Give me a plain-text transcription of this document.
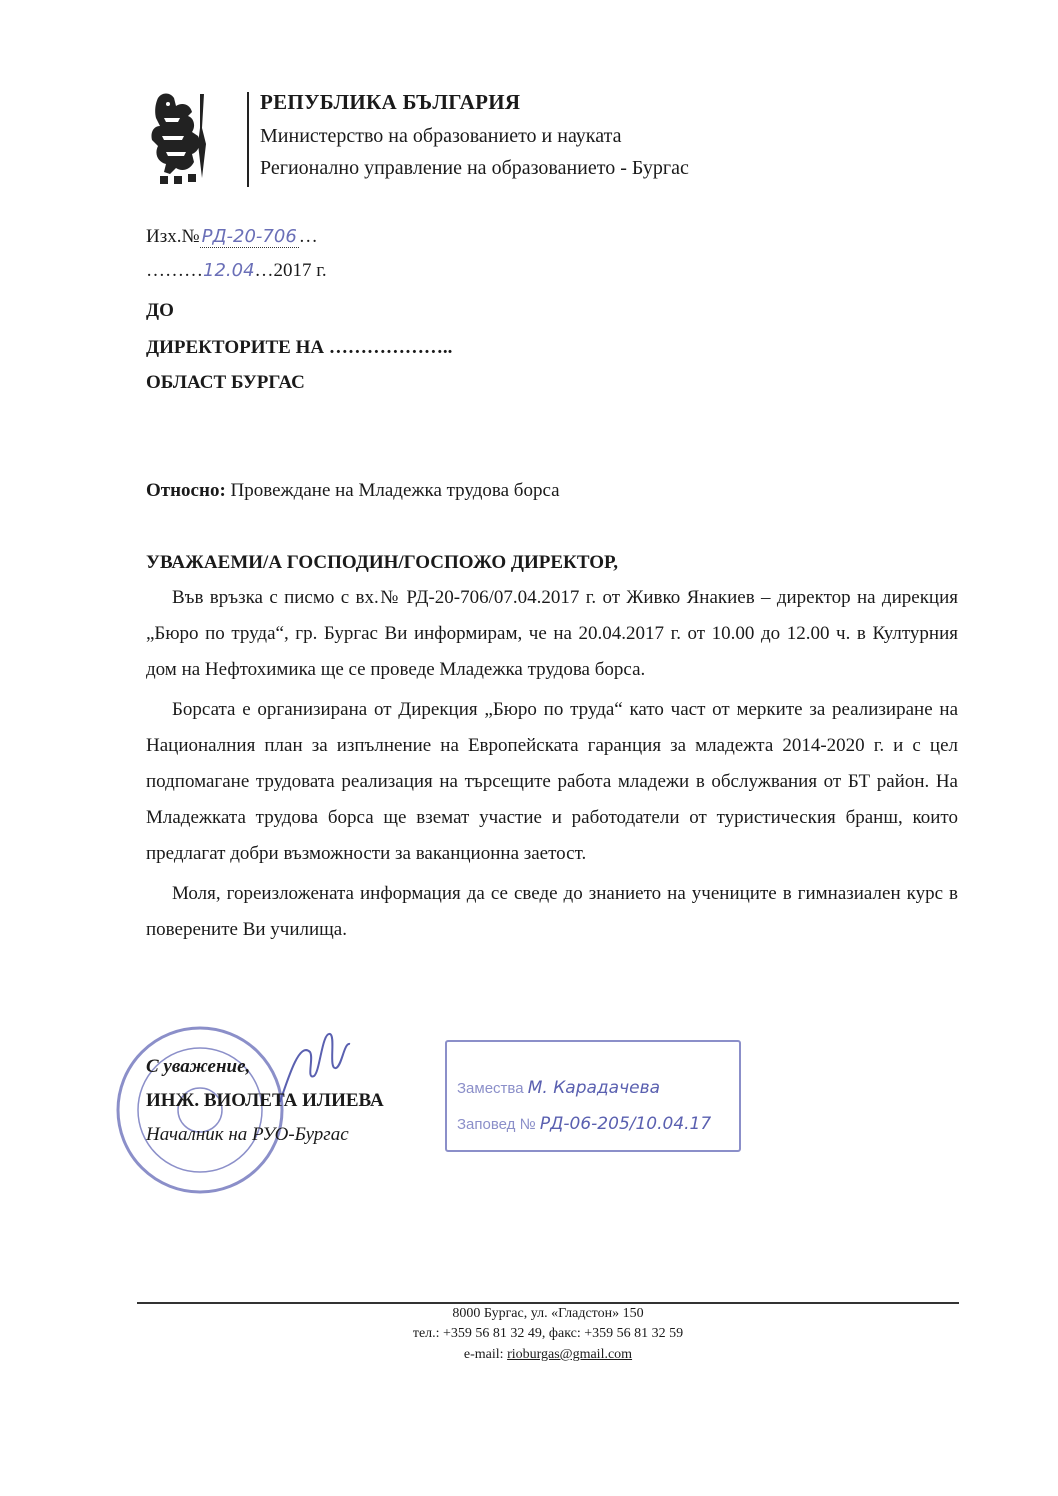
РЕПУБЛИКА БЪЛГАРИЯ
Министерство на образованието и науката
Регионално управление на образованието - Бургас
Изх.№ РД-20-706 …
………12.04…2017 г.
ДО
ДИРЕКТОРИТЕ НА ………………..
ОБЛАСТ БУРГАС
Относно: Провеждане на Младежка трудова борса
УВАЖАЕМИ/А ГОСПОДИН/ГОСПОЖО ДИРЕКТОР,

Във връзка с писмо с вх.№ РД-20-706/07.04.2017 г. от Живко Янакиев – директор на дирекция „Бюро по труда“, гр. Бургас Ви информирам, че на 20.04.2017 г. от 10.00 до 12.00 ч. в Културния дом на Нефтохимика ще се проведе Младежка трудова борса.

Борсата е организирана от Дирекция „Бюро по труда“ като част от мерките за реализиране на Националния план за изпълнение на Европейската гаранция за младежта 2014-2020 г. и с цел подпомагане трудовата реализация на търсещите работа младежи в обслужвания от БТ район. На Младежката трудова борса ще вземат участие и работодатели от туристическия бранш, които предлагат добри възможности за ваканционна заетост.

Моля, гореизложената информация да се сведе до знанието на учениците в гимназиален курс в поверените Ви училища.

С уважение,
ИНЖ. ВИОЛЕТА ИЛИЕВА
Началник на РУО-Бургас
Замества М. Карадачева
Заповед № РД-06-205/10.04.17
8000 Бургас, ул. «Гладстон» 150
тел.: +359 56 81 32 49, факс: +359 56 81 32 59
e-mail: rioburgas@gmail.com
